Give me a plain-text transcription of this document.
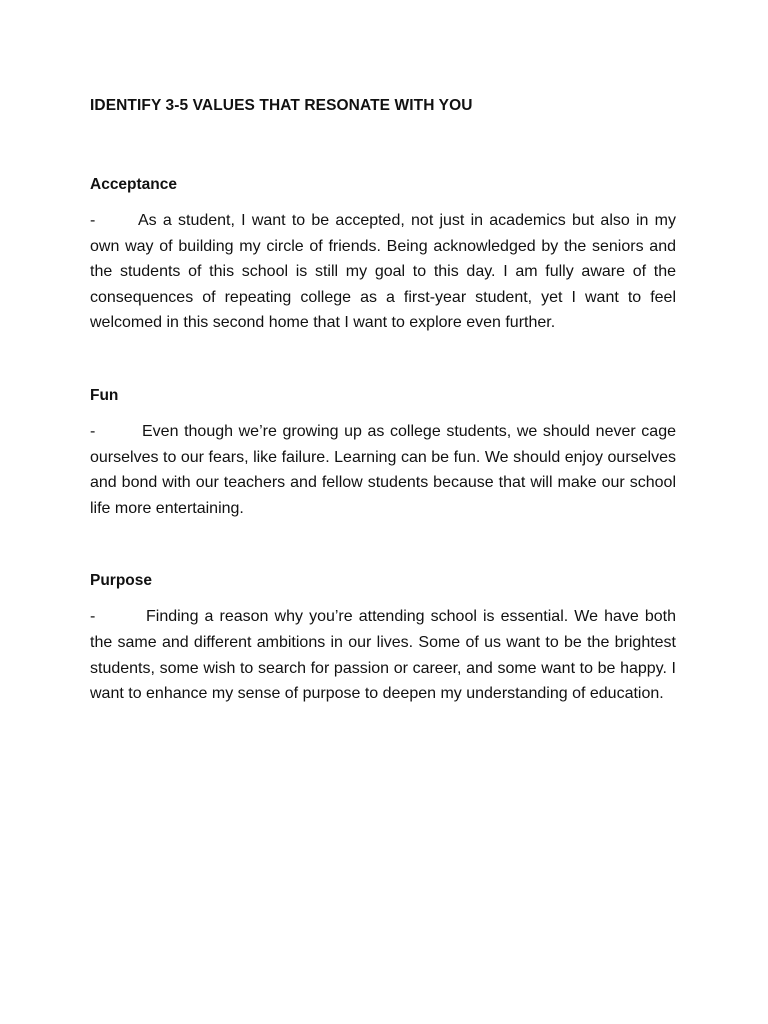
IDENTIFY 3-5 VALUES THAT RESONATE WITH YOU

Acceptance

-	As a student, I want to be accepted, not just in academics but also in my own way of building my circle of friends. Being acknowledged by the seniors and the students of this school is still my goal to this day. I am fully aware of the consequences of repeating college as a first-year student, yet I want to feel welcomed in this second home that I want to explore even further.

Fun

-	Even though we’re growing up as college students, we should never cage ourselves to our fears, like failure. Learning can be fun. We should enjoy ourselves and bond with our teachers and fellow students because that will make our school life more entertaining.

Purpose

-	Finding a reason why you’re attending school is essential. We have both the same and different ambitions in our lives. Some of us want to be the brightest students, some wish to search for passion or career, and some want to be happy. I want to enhance my sense of purpose to deepen my understanding of education.
